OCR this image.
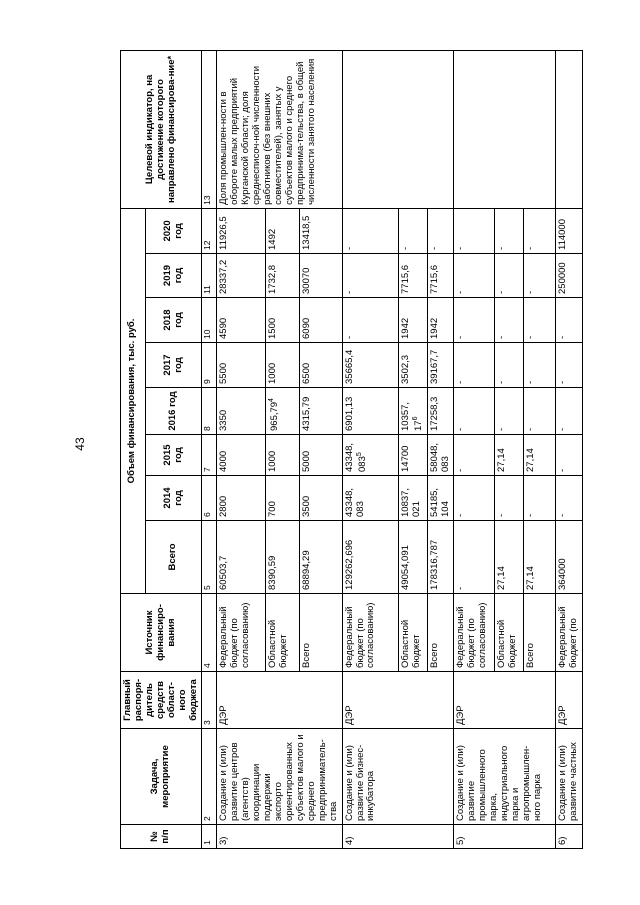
43
№ п/п	Задача, мероприятие	Главный распоря-дитель средств област-ного бюджета	Источник финансиро-вания	Объем финансирования, тыс. руб.								Целевой индикатор, на достижение которого направлено финансирова-ние*
				Всего	2014 год	2015 год	2016 год	2017 год	2018 год	2019 год	2020 год	
1	2	3	4	5	6	7	8	9	10	11	12	13
3)	Создание и (или) развитие центров (агентств) координации поддержки экспорто ориентированных субъектов малого и среднего предприниматель-ства	ДЭР	Федеральный бюджет (по согласованию)	60503,7	2800	4000	3350	5500	4590	28337,2	11926,5	Доля промышлен-ности в обороте малых предприятий Курганской области; доля среднесписоч-ной численности работников (без внешних совместителей), занятых у субъектов малого и среднего предпринима-тельства, в общей численности занятого населения
			Областной бюджет	8390,59	700	1000	965,79$^4$	1000	1500	1732,8	1492	
			Всего	68894,29	3500	5000	4315,79	6500	6090	30070	13418,5	
4)	Создание и (или) развитие бизнес-инкубатора	ДЭР	Федеральный бюджет (по согласованию)	129262,696	43348, 083	43348, $083^5$	6901,13	35665,4	-	-	-	
			Областной бюджет	49054,091	10837, 021	14700	10357, $17^6$	3502,3	1942	7715,6	-	
			Всего	178316,787	54185, 104	58048, 083	17258,3	39167,7	1942	7715,6	-	
5)	Создание и (или) развитие промышленного парка, индустриального парка и агропромышлен-ного парка	ДЭР	Федеральный бюджет (по согласованию)	-	-	-	-	-	-	-	-	
			Областной бюджет	27,14	-	27,14	-	-	-	-	-	
			Всего	27,14	-	27,14	-	-	-	-	-	
6)	Создание и (или) развитие частных	ДЭР	Федеральный бюджет (по	364000	-	-	-	-	-	250000	114000	
